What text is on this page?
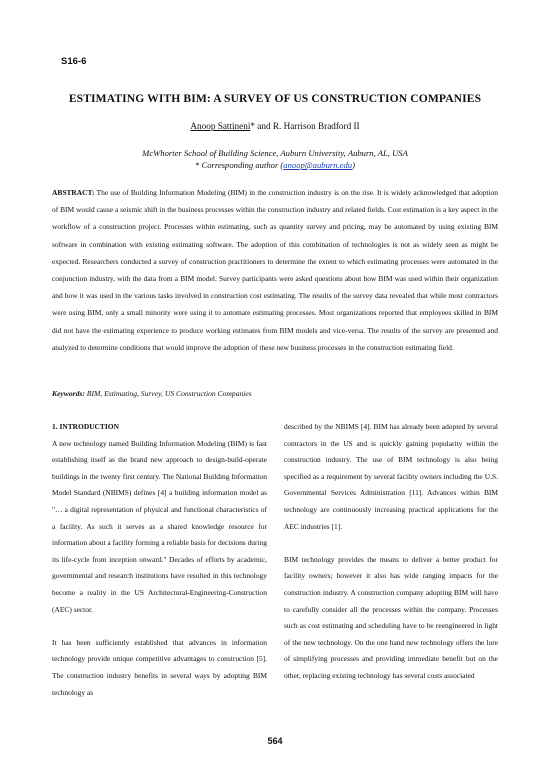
S16-6
ESTIMATING WITH BIM: A SURVEY OF US CONSTRUCTION COMPANIES
Anoop Sattineni* and R. Harrison Bradford II
McWhorter School of Building Science, Auburn University, Auburn, AL, USA
* Corresponding author (anoop@auburn.edu)
ABSTRACT: The use of Building Information Modeling (BIM) in the construction industry is on the rise. It is widely acknowledged that adoption of BIM would cause a seismic shift in the business processes within the construction industry and related fields. Cost estimation is a key aspect in the workflow of a construction project. Processes within estimating, such as quantity survey and pricing, may be automated by using existing BIM software in combination with existing estimating software. The adoption of this combination of technologies is not as widely seen as might be expected. Researchers conducted a survey of construction practitioners to determine the extent to which estimating processes were automated in the conjunction industry, with the data from a BIM model. Survey participants were asked questions about how BIM was used within their organization and how it was used in the various tasks involved in construction cost estimating. The results of the survey data revealed that while most contractors were using BIM, only a small minority were using it to automate estimating processes. Most organizations reported that employees skilled in BIM did not have the estimating experience to produce working estimates from BIM models and vice-versa. The results of the survey are presented and analyzed to determine conditions that would improve the adoption of these new business processes in the construction estimating field.
Keywords: BIM, Estimating, Survey, US Construction Companies

1. INTRODUCTION

A new technology named Building Information Modeling (BIM) is fast establishing itself as the brand new approach to design-build-operate buildings in the twenty first century. The National Building Information Model Standard (NBIMS) defines [4] a building information model as "… a digital representation of physical and functional characteristics of a facility. As such it serves as a shared knowledge resource for information about a facility forming a reliable basis for decisions during its life-cycle from inception onward." Decades of efforts by academic, governmental and research institutions have resulted in this technology become a reality in the US Architectural-Engineering-Construction (AEC) sector.

It has been sufficiently established that advances in information technology provide unique competitive advantages to construction [5]. The construction industry benefits in several ways by adopting BIM technology as

described by the NBIMS [4]. BIM has already been adopted by several contractors in the US and is quickly gaining popularity within the construction industry. The use of BIM technology is also being specified as a requirement by several facility owners including the U.S. Governmental Services Administration [11]. Advances within BIM technology are continuously increasing practical applications for the AEC industries [1].

BIM technology provides the means to deliver a better product for facility owners; however it also has wide ranging impacts for the construction industry. A construction company adopting BIM will have to carefully consider all the processes within the company. Processes such as cost estimating and scheduling have to be reengineered in light of the new technology. On the one hand new technology offers the lure of simplifying processes and providing immediate benefit but on the other, replacing existing technology has several costs associated

564
